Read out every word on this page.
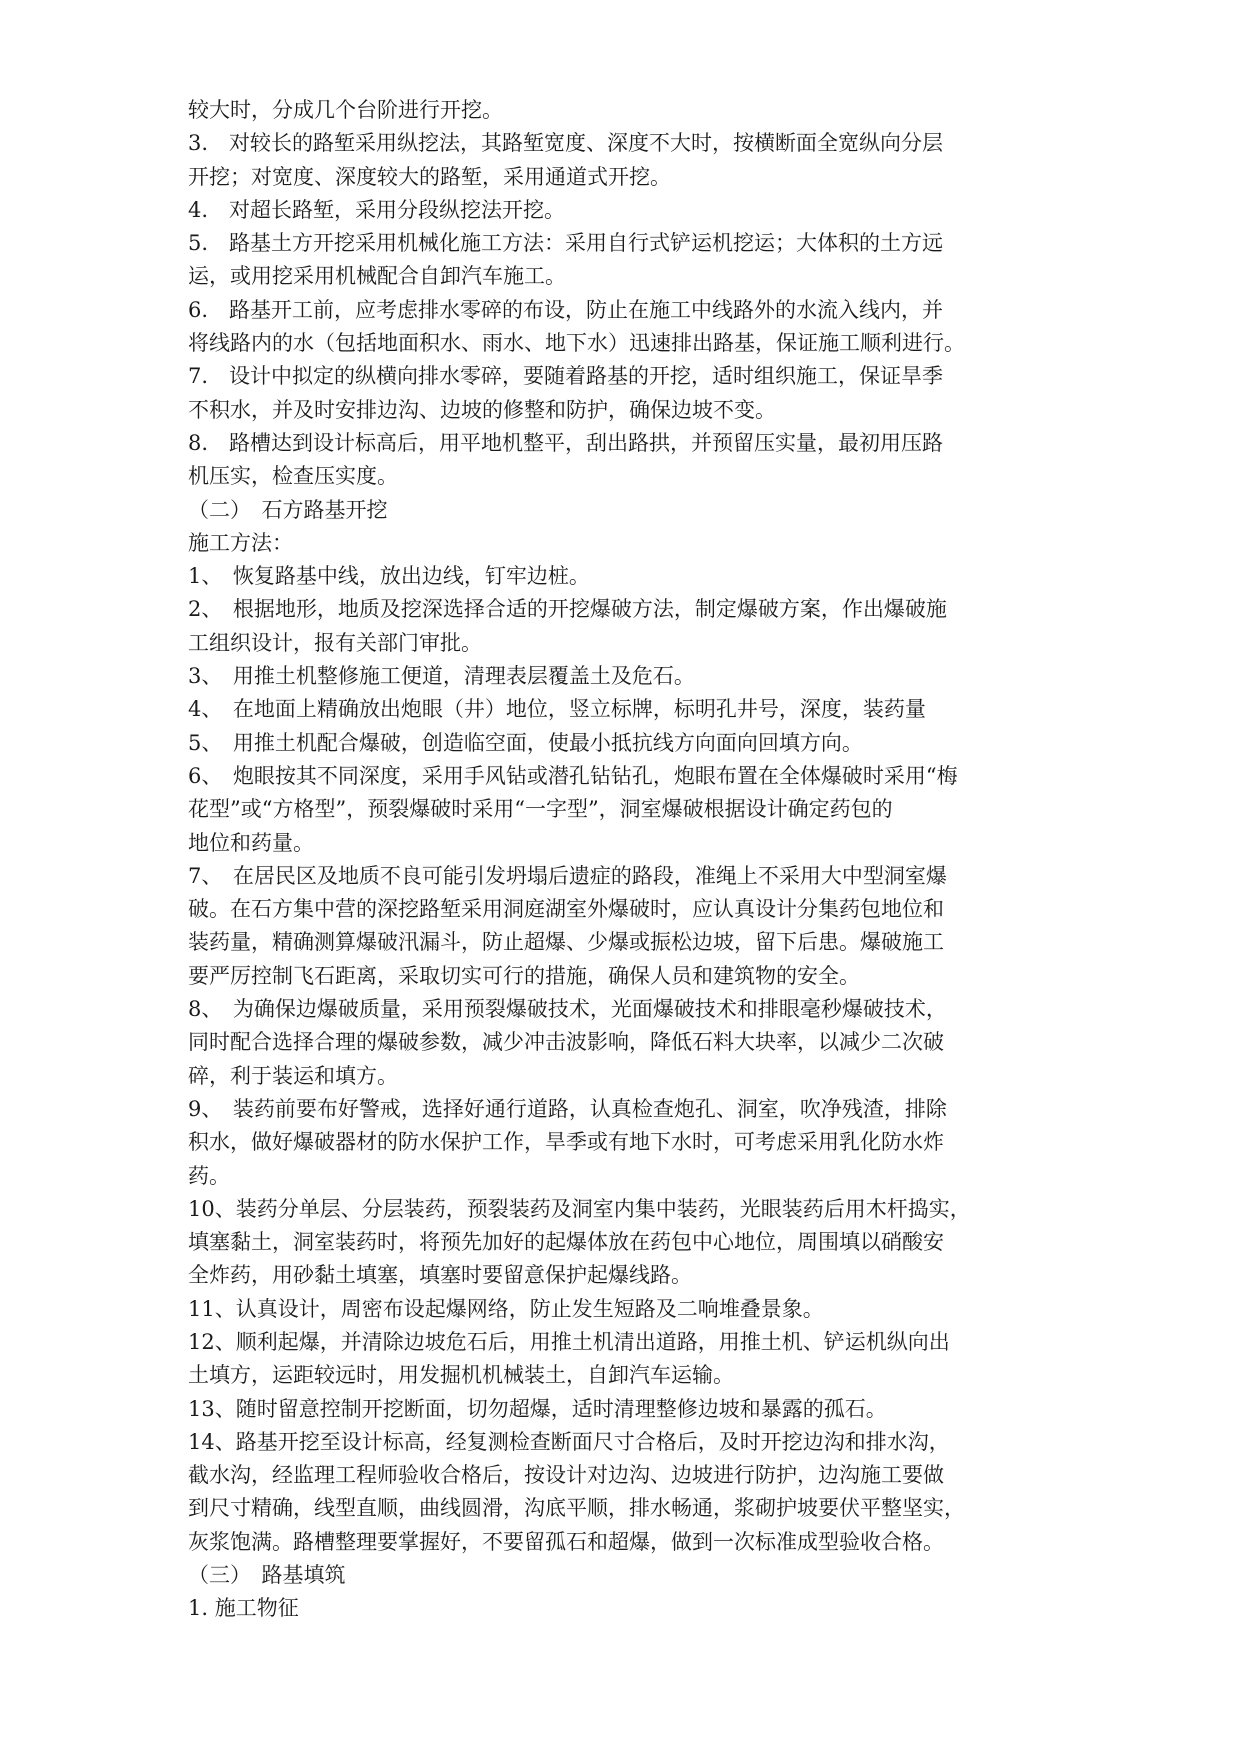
较大时，分成几个台阶进行开挖。
3.　对较长的路堑采用纵挖法，其路堑宽度、深度不大时，按横断面全宽纵向分层
开挖；对宽度、深度较大的路堑，采用通道式开挖。
4.　对超长路堑，采用分段纵挖法开挖。
5.　路基土方开挖采用机械化施工方法：采用自行式铲运机挖运；大体积的土方远
运，或用挖采用机械配合自卸汽车施工。
6.　路基开工前，应考虑排水零碎的布设，防止在施工中线路外的水流入线内，并
将线路内的水（包括地面积水、雨水、地下水）迅速排出路基，保证施工顺利进行。
7.　设计中拟定的纵横向排水零碎，要随着路基的开挖，适时组织施工，保证旱季
不积水，并及时安排边沟、边坡的修整和防护，确保边坡不变。
8.　路槽达到设计标高后，用平地机整平，刮出路拱，并预留压实量，最初用压路
机压实，检查压实度。
（二）　石方路基开挖
施工方法：
1、　恢复路基中线，放出边线，钉牢边桩。
2、　根据地形，地质及挖深选择合适的开挖爆破方法，制定爆破方案，作出爆破施
工组织设计，报有关部门审批。
3、　用推土机整修施工便道，清理表层覆盖土及危石。
4、　在地面上精确放出炮眼（井）地位，竖立标牌，标明孔井号，深度，装药量
5、　用推土机配合爆破，创造临空面，使最小抵抗线方向面向回填方向。
6、　炮眼按其不同深度，采用手风钻或潜孔钻钻孔，炮眼布置在全体爆破时采用“梅
花型”或“方格型”，预裂爆破时采用“一字型”，洞室爆破根据设计确定药包的
地位和药量。
7、　在居民区及地质不良可能引发坍塌后遗症的路段，准绳上不采用大中型洞室爆
破。在石方集中营的深挖路堑采用洞庭湖室外爆破时，应认真设计分集药包地位和
装药量，精确测算爆破汛漏斗，防止超爆、少爆或振松边坡，留下后患。爆破施工
要严厉控制飞石距离，采取切实可行的措施，确保人员和建筑物的安全。
8、　为确保边爆破质量，采用预裂爆破技术，光面爆破技术和排眼毫秒爆破技术，
同时配合选择合理的爆破参数，减少冲击波影响，降低石料大块率，以减少二次破
碎，利于装运和填方。
9、　装药前要布好警戒，选择好通行道路，认真检查炮孔、洞室，吹净残渣，排除
积水，做好爆破器材的防水保护工作，旱季或有地下水时，可考虑采用乳化防水炸
药。
10、装药分单层、分层装药，预裂装药及洞室内集中装药，光眼装药后用木杆捣实，
填塞黏土，洞室装药时，将预先加好的起爆体放在药包中心地位，周围填以硝酸安
全炸药，用砂黏土填塞，填塞时要留意保护起爆线路。
11、认真设计，周密布设起爆网络，防止发生短路及二响堆叠景象。
12、顺利起爆，并清除边坡危石后，用推土机清出道路，用推土机、铲运机纵向出
土填方，运距较远时，用发掘机机械装土，自卸汽车运输。
13、随时留意控制开挖断面，切勿超爆，适时清理整修边坡和暴露的孤石。
14、路基开挖至设计标高，经复测检查断面尺寸合格后，及时开挖边沟和排水沟，
截水沟，经监理工程师验收合格后，按设计对边沟、边坡进行防护，边沟施工要做
到尺寸精确，线型直顺，曲线圆滑，沟底平顺，排水畅通，浆砌护坡要伏平整坚实，
灰浆饱满。路槽整理要掌握好，不要留孤石和超爆，做到一次标准成型验收合格。
（三）　路基填筑
1. 施工物征
